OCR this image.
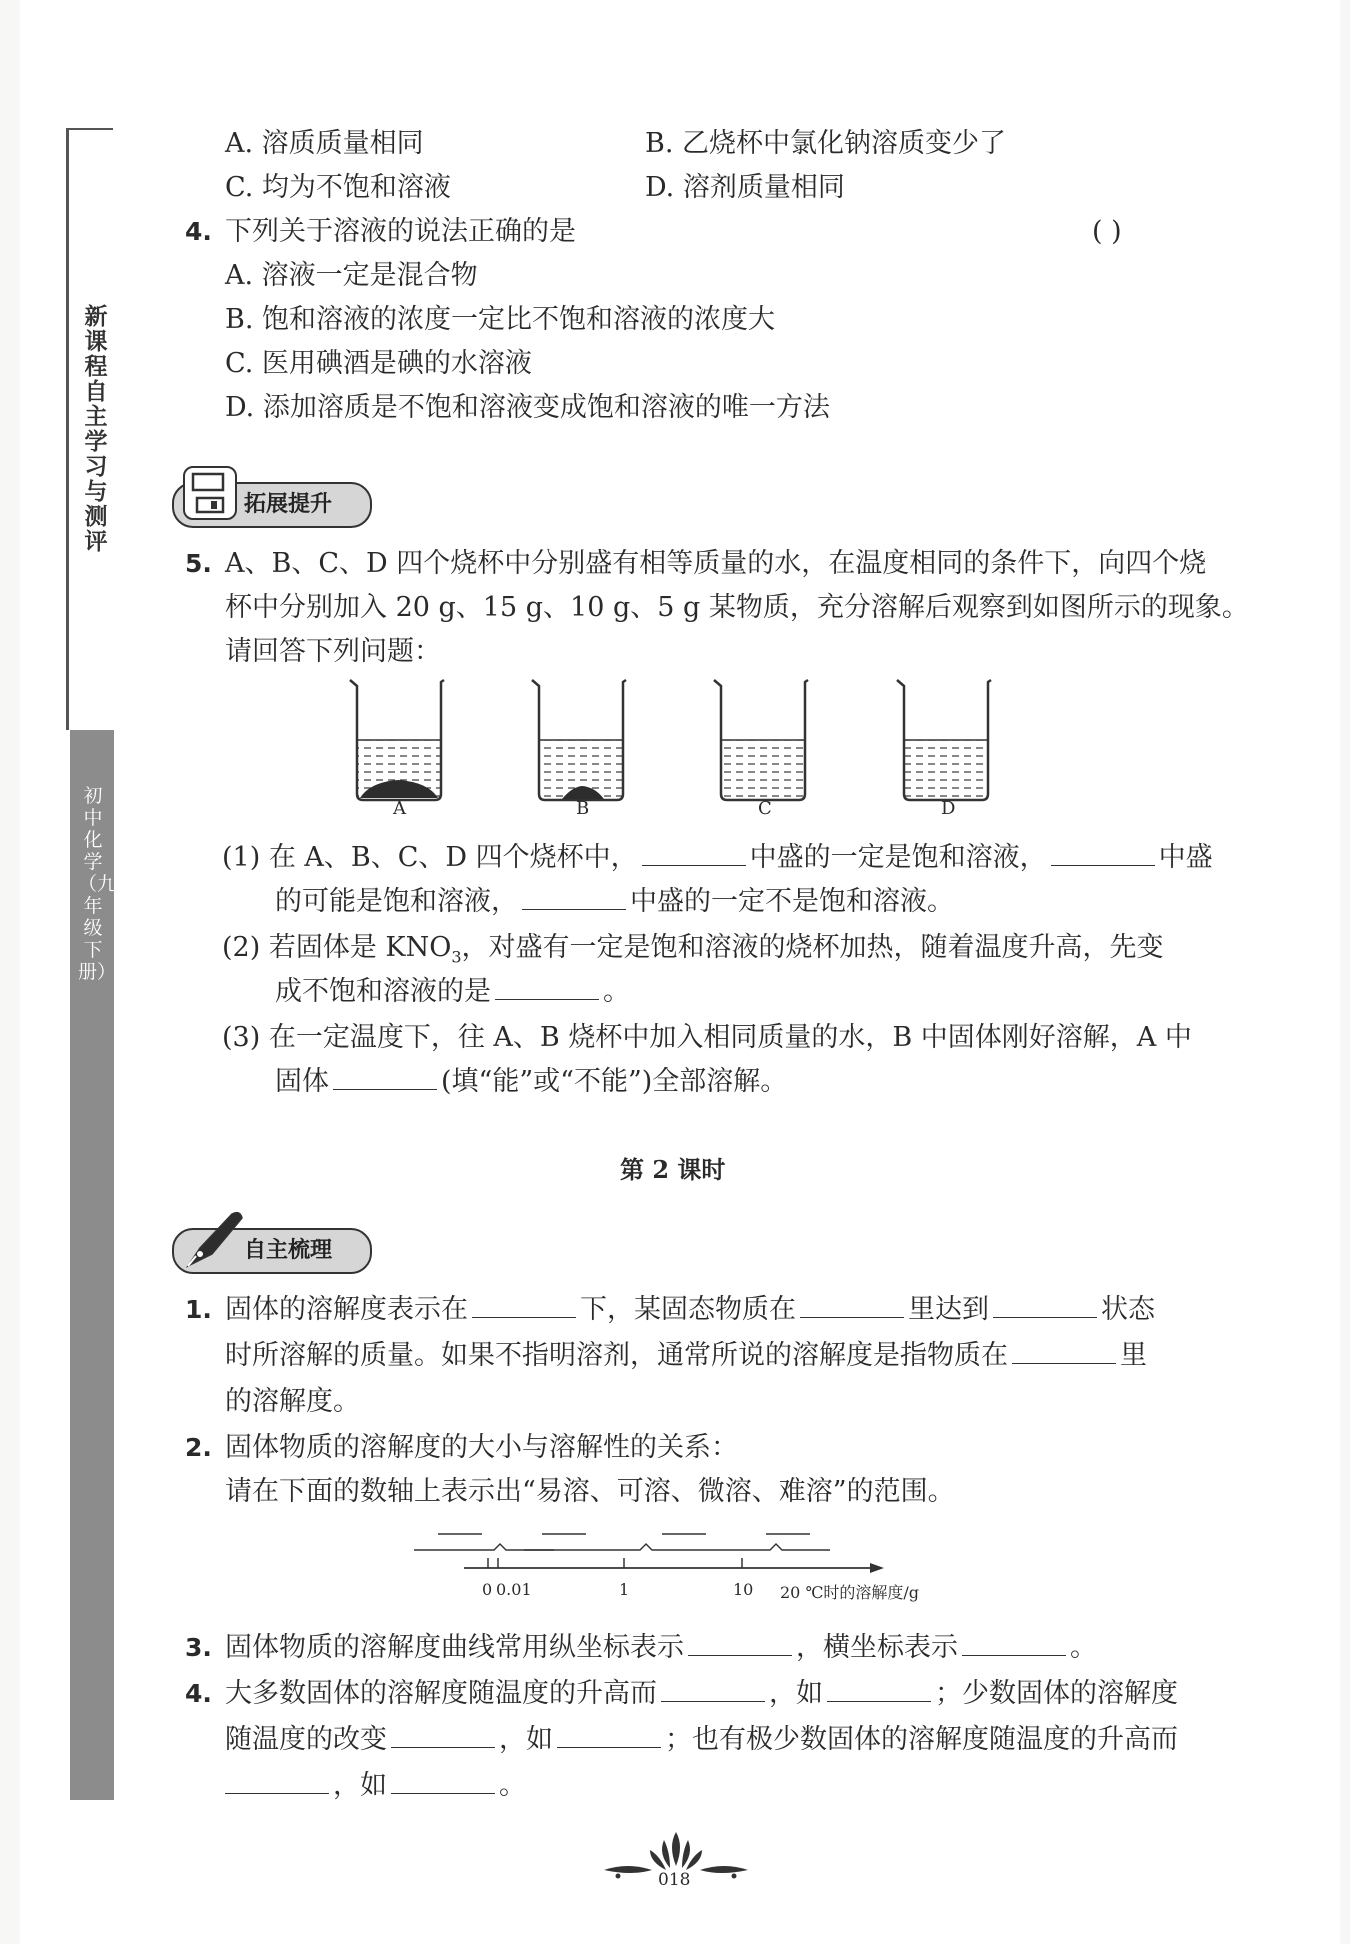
新课程自主学习与测评
初中化学（九年级下册）
A. 溶质质量相同	B. 乙烧杯中氯化钠溶质变少了
C. 均为不饱和溶液	D. 溶剂质量相同
4. 下列关于溶液的说法正确的是	( )
A. 溶液一定是混合物
B. 饱和溶液的浓度一定比不饱和溶液的浓度大
C. 医用碘酒是碘的水溶液
D. 添加溶质是不饱和溶液变成饱和溶液的唯一方法
拓展提升
5. A、B、C、D 四个烧杯中分别盛有相等质量的水，在温度相同的条件下，向四个烧
杯中分别加入 20 g、15 g、10 g、5 g 某物质，充分溶解后观察到如图所示的现象。
请回答下列问题：
A	B	C	D
(1) 在 A、B、C、D 四个烧杯中，	中盛的一定是饱和溶液，	中盛
的可能是饱和溶液，	中盛的一定不是饱和溶液。
(2) 若固体是 $KNO_3$，对盛有一定是饱和溶液的烧杯加热，随着温度升高，先变
成不饱和溶液的是	。
(3) 在一定温度下，往 A、B 烧杯中加入相同质量的水，B 中固体刚好溶解，A 中
固体	(填“能”或“不能”)全部溶解。
第 2 课时
自主梳理
1. 固体的溶解度表示在	下，某固态物质在	里达到	状态
时所溶解的质量。如果不指明溶剂，通常所说的溶解度是指物质在	里
的溶解度。
2. 固体物质的溶解度的大小与溶解性的关系：
请在下面的数轴上表示出“易溶、可溶、微溶、难溶”的范围。
0 0.01	1	10 20 ℃时的溶解度/g
3. 固体物质的溶解度曲线常用纵坐标表示	，横坐标表示	。
4. 大多数固体的溶解度随温度的升高而	，如	；少数固体的溶解度
随温度的改变	，如	；也有极少数固体的溶解度随温度的升高而
，如	。
018
